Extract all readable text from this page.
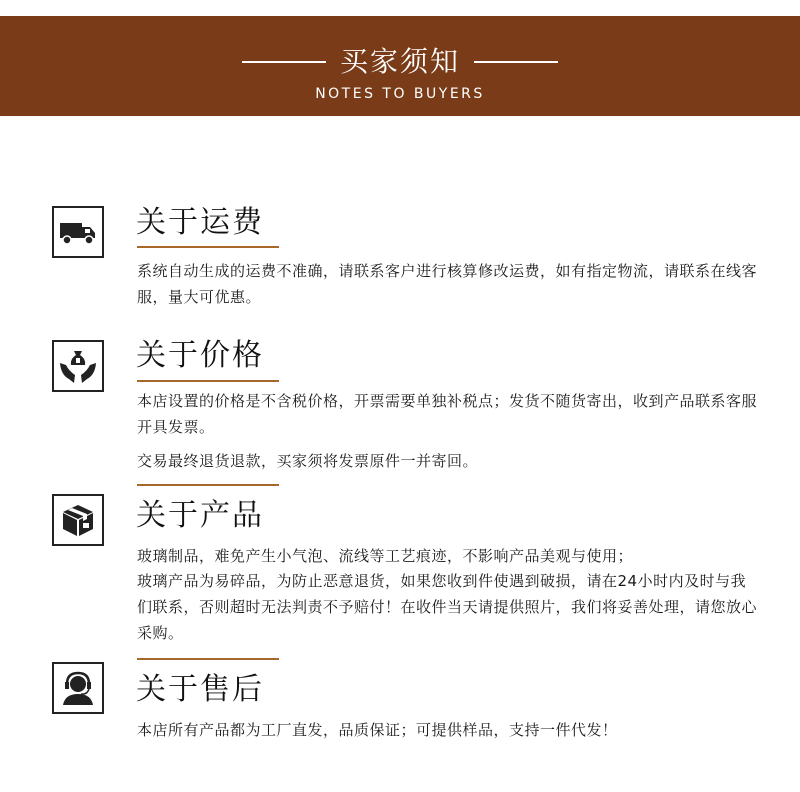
买家须知
NOTES TO BUYERS
关于运费
系统自动生成的运费不准确，请联系客户进行核算修改运费，如有指定物流，请联系在线客服，量大可优惠。
关于价格
本店设置的价格是不含税价格，开票需要单独补税点；发货不随货寄出，收到产品联系客服开具发票。
交易最终退货退款，买家须将发票原件一并寄回。
关于产品
玻璃制品，难免产生小气泡、流线等工艺痕迹，不影响产品美观与使用；
玻璃产品为易碎品，为防止恶意退货，如果您收到件使遇到破损，请在24小时内及时与我们联系，否则超时无法判责不予赔付！在收件当天请提供照片，我们将妥善处理，请您放心采购。
关于售后
本店所有产品都为工厂直发，品质保证；可提供样品，支持一件代发！
